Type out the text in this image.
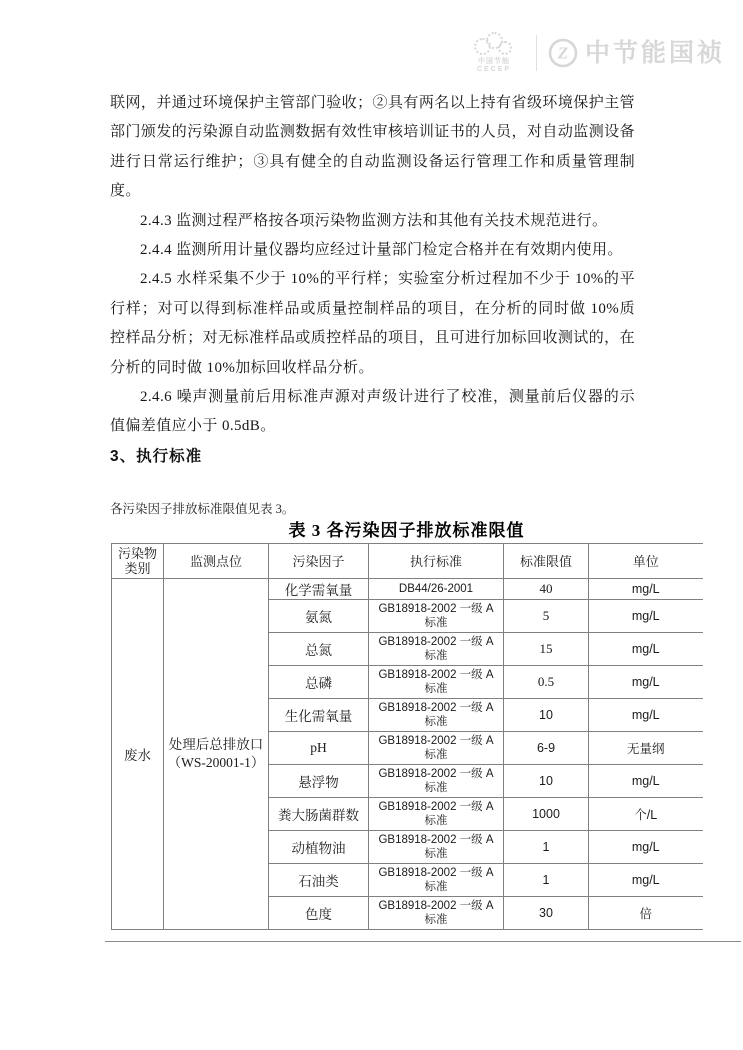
中国节能
CECEP
Z 中节能国祯

联网，并通过环境保护主管部门验收；②具有两名以上持有省级环境保护主管部门颁发的污染源自动监测数据有效性审核培训证书的人员，对自动监测设备进行日常运行维护；③具有健全的自动监测设备运行管理工作和质量管理制度。

2.4.3 监测过程严格按各项污染物监测方法和其他有关技术规范进行。

2.4.4 监测所用计量仪器均应经过计量部门检定合格并在有效期内使用。

2.4.5 水样采集不少于 10%的平行样；实验室分析过程加不少于 10%的平行样；对可以得到标准样品或质量控制样品的项目，在分析的同时做 10%质控样品分析；对无标准样品或质控样品的项目，且可进行加标回收测试的，在分析的同时做 10%加标回收样品分析。

2.4.6 噪声测量前后用标准声源对声级计进行了校准，测量前后仪器的示值偏差值应小于 0.5dB。

3、执行标准
各污染因子排放标准限值见表 3。
表 3 各污染因子排放标准限值
污染物类别	监测点位	污染因子	执行标准	标准限值	单位
废水	处理后总排放口
（WS-20001-1）	化学需氧量	DB44/26-2001	40	mg/L
		氨氮	GB18918-2002 一级 A
标准	5	mg/L
		总氮	GB18918-2002 一级 A
标准	15	mg/L
		总磷	GB18918-2002 一级 A
标准	0.5	mg/L
		生化需氧量	GB18918-2002 一级 A
标准	10	mg/L
		pH	GB18918-2002 一级 A
标准	6-9	无量纲
		悬浮物	GB18918-2002 一级 A
标准	10	mg/L
		粪大肠菌群数	GB18918-2002 一级 A
标准	1000	个/L
		动植物油	GB18918-2002 一级 A
标准	1	mg/L
		石油类	GB18918-2002 一级 A
标准	1	mg/L
		色度	GB18918-2002 一级 A
标准	30	倍
